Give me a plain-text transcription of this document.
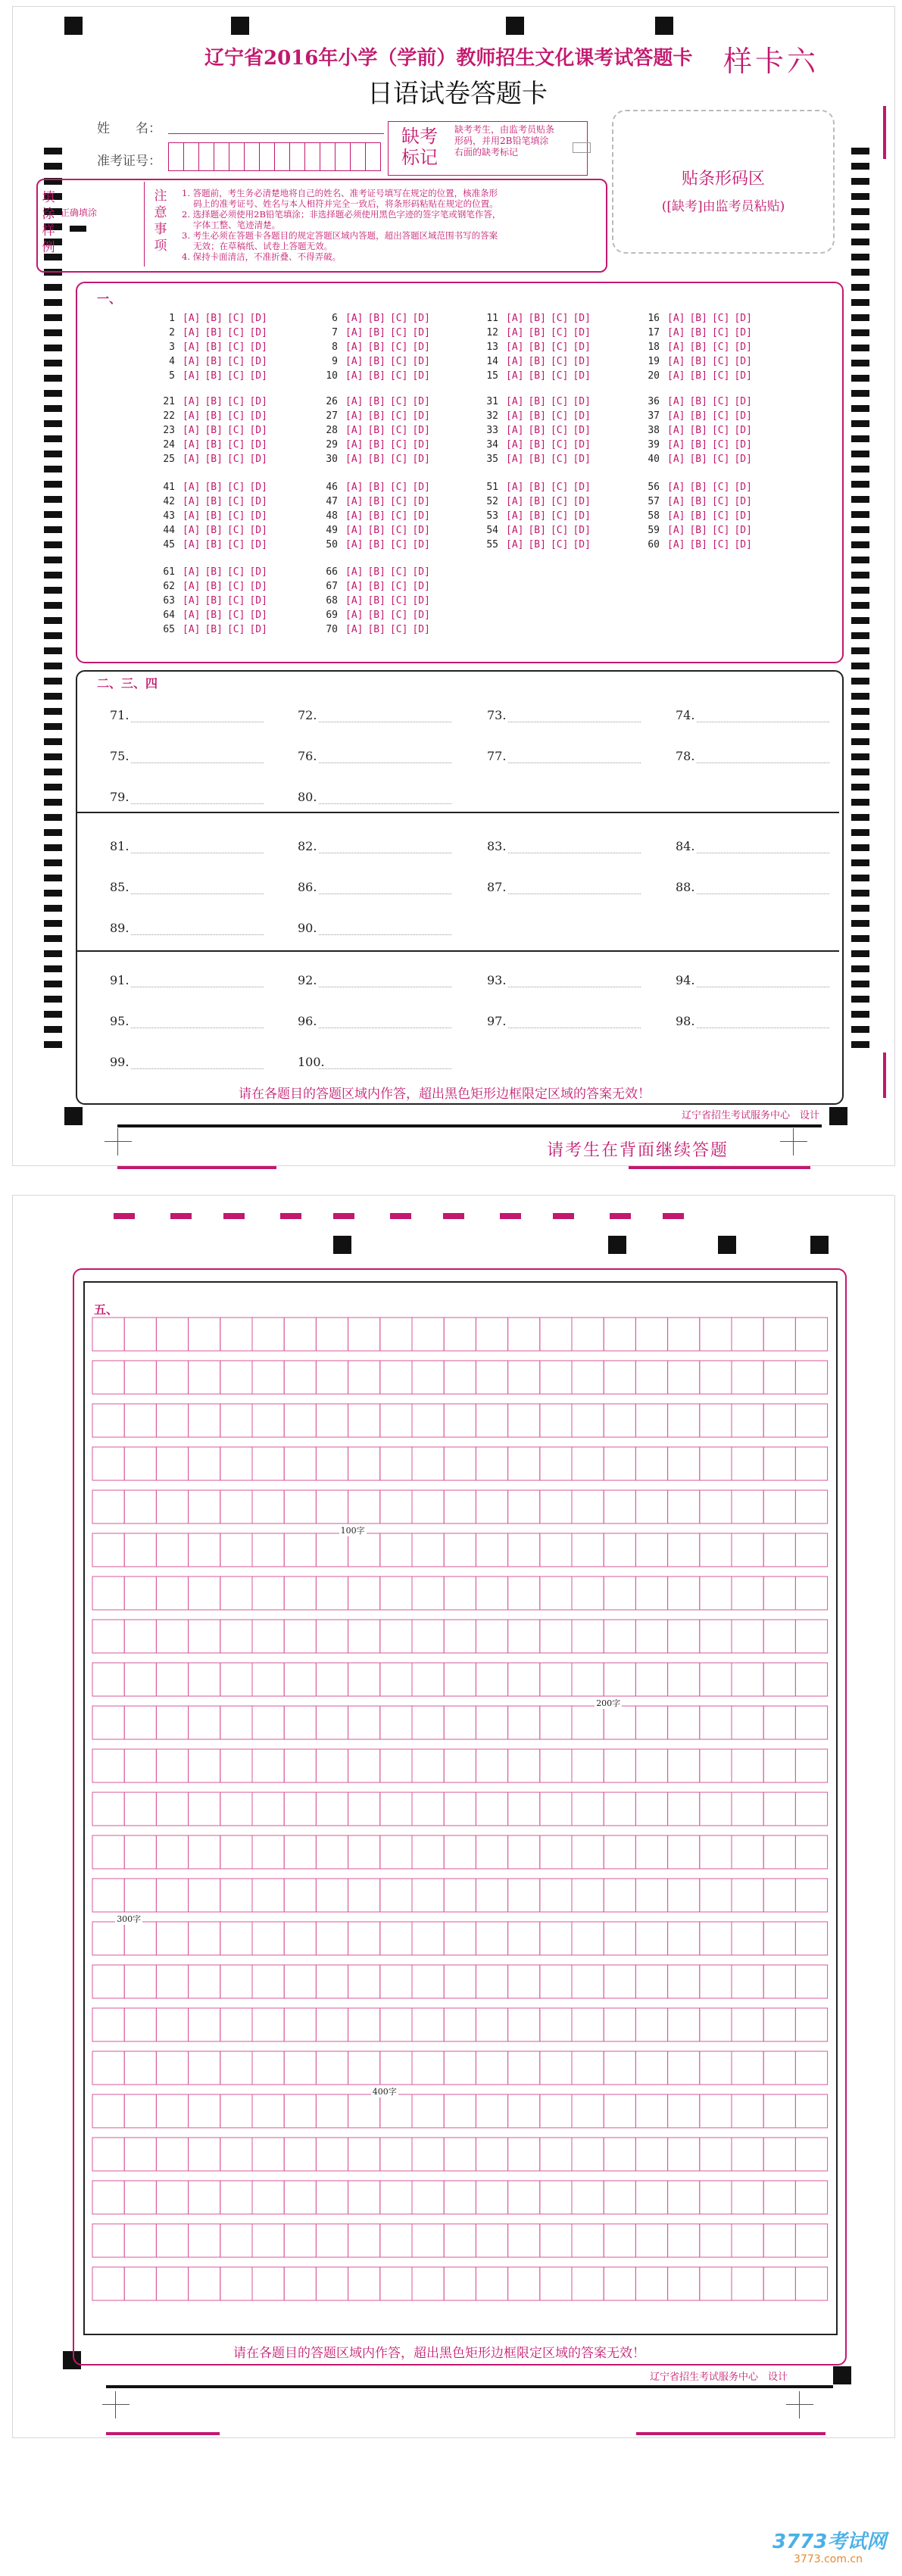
辽宁省2016年小学（学前）教师招生文化课考试答题卡 样卡六
日语试卷答题卡
姓　　名：
准考证号：
缺考
标记
缺考考生，由监考员贴条形码，并用2B铅笔填涂右面的缺考标记
贴条形码区
([缺考]由监考员粘贴)
填
涂
样
例
正确填涂
注
意
事
项
1. 答题前，考生务必清楚地将自己的姓名、准考证号填写在规定的位置，核准条形
　 码上的准考证号、姓名与本人相符并完全一致后，将条形码粘贴在规定的位置。
2. 选择题必须使用2B铅笔填涂；非选择题必须使用黑色字迹的签字笔或钢笔作答，
　 字体工整、笔迹清楚。
3. 考生必须在答题卡各题目的规定答题区域内答题，超出答题区域范围书写的答案
　 无效；在草稿纸、试卷上答题无效。
4. 保持卡面清洁，不准折叠、不得弄破。
一、
1 [A] [B] [C] [D]
2 [A] [B] [C] [D]
3 [A] [B] [C] [D]
4 [A] [B] [C] [D]
5 [A] [B] [C] [D]
21 [A] [B] [C] [D]
22 [A] [B] [C] [D]
23 [A] [B] [C] [D]
24 [A] [B] [C] [D]
25 [A] [B] [C] [D]
41 [A] [B] [C] [D]
42 [A] [B] [C] [D]
43 [A] [B] [C] [D]
44 [A] [B] [C] [D]
45 [A] [B] [C] [D]
61 [A] [B] [C] [D]
62 [A] [B] [C] [D]
63 [A] [B] [C] [D]
64 [A] [B] [C] [D]
65 [A] [B] [C] [D]
6 [A] [B] [C] [D]
7 [A] [B] [C] [D]
8 [A] [B] [C] [D]
9 [A] [B] [C] [D]
10 [A] [B] [C] [D]
26 [A] [B] [C] [D]
27 [A] [B] [C] [D]
28 [A] [B] [C] [D]
29 [A] [B] [C] [D]
30 [A] [B] [C] [D]
46 [A] [B] [C] [D]
47 [A] [B] [C] [D]
48 [A] [B] [C] [D]
49 [A] [B] [C] [D]
50 [A] [B] [C] [D]
66 [A] [B] [C] [D]
67 [A] [B] [C] [D]
68 [A] [B] [C] [D]
69 [A] [B] [C] [D]
70 [A] [B] [C] [D]
11 [A] [B] [C] [D]
12 [A] [B] [C] [D]
13 [A] [B] [C] [D]
14 [A] [B] [C] [D]
15 [A] [B] [C] [D]
31 [A] [B] [C] [D]
32 [A] [B] [C] [D]
33 [A] [B] [C] [D]
34 [A] [B] [C] [D]
35 [A] [B] [C] [D]
51 [A] [B] [C] [D]
52 [A] [B] [C] [D]
53 [A] [B] [C] [D]
54 [A] [B] [C] [D]
55 [A] [B] [C] [D]
16 [A] [B] [C] [D]
17 [A] [B] [C] [D]
18 [A] [B] [C] [D]
19 [A] [B] [C] [D]
20 [A] [B] [C] [D]
36 [A] [B] [C] [D]
37 [A] [B] [C] [D]
38 [A] [B] [C] [D]
39 [A] [B] [C] [D]
40 [A] [B] [C] [D]
56 [A] [B] [C] [D]
57 [A] [B] [C] [D]
58 [A] [B] [C] [D]
59 [A] [B] [C] [D]
60 [A] [B] [C] [D]
二、三、四
71.	72.	73.	74.
75.	76.	77.	78.
79.	80.
81.	82.	83.	84.
85.	86.	87.	88.
89.	90.
91.	92.	93.	94.
95.	96.	97.	98.
99.	100.
请在各题目的答题区域内作答，超出黑色矩形边框限定区域的答案无效！
辽宁省招生考试服务中心　设计
请考生在背面继续答题
五、
100字
200字
300字
400字
请在各题目的答题区域内作答，超出黑色矩形边框限定区域的答案无效！
辽宁省招生考试服务中心　设计
3773考试网
3773.com.cn
